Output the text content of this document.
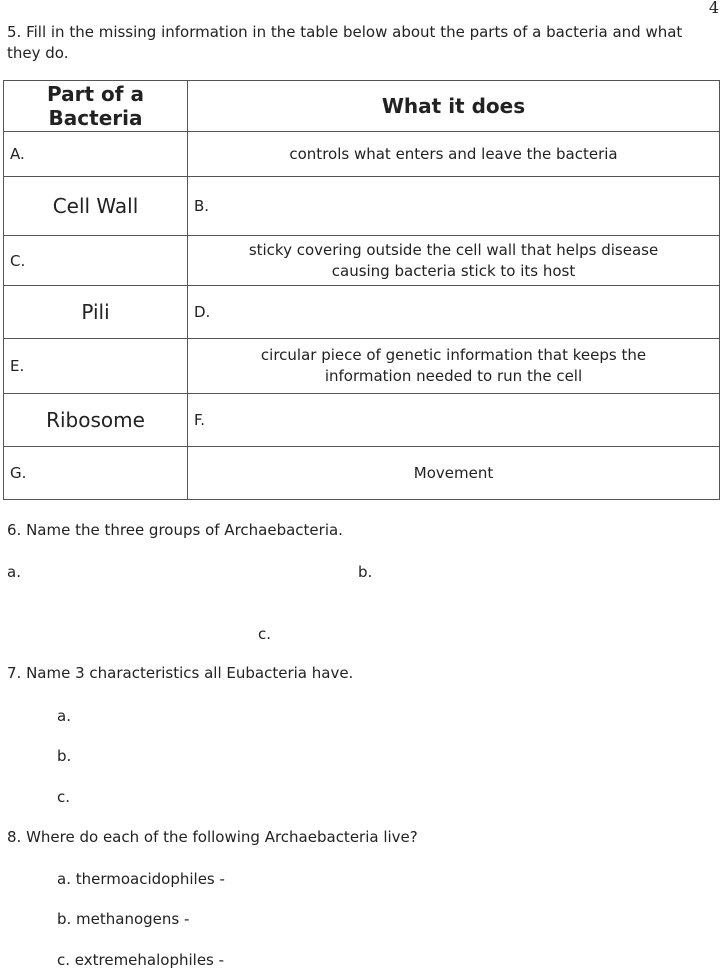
4
5. Fill in the missing information in the table below about the parts of a bacteria and what they do.
Part of a Bacteria	What it does
A.	controls what enters and leave the bacteria
Cell Wall	B.
C.	sticky covering outside the cell wall that helps disease causing bacteria stick to its host

Pili	D.
E.	circular piece of genetic information that keeps the information needed to run the cell

Ribosome	F.
G.	Movement
6. Name the three groups of Archaebacteria.
a.	b.
c.
7. Name 3 characteristics all Eubacteria have.
a.
b.
c.
8. Where do each of the following Archaebacteria live?
a. thermoacidophiles -
b. methanogens -
c. extremehalophiles -
